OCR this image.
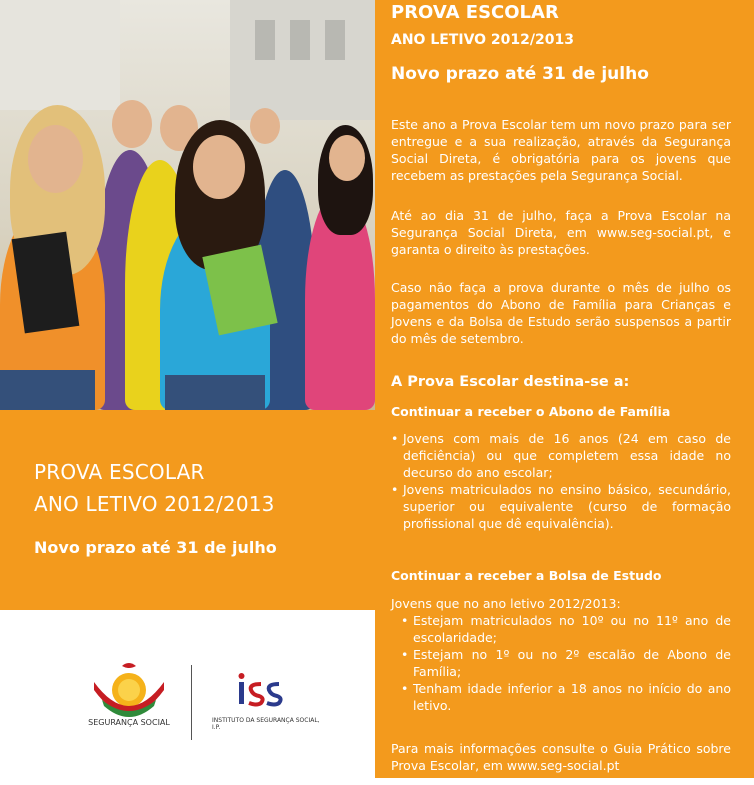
PROVA ESCOLAR
ANO LETIVO 2012/2013
Novo prazo até 31 de julho
SEGURANÇA SOCIAL	INSTITUTO DA SEGURANÇA SOCIAL, I.P.
PROVA ESCOLAR
ANO LETIVO 2012/2013
Novo prazo até 31 de julho
Este ano a Prova Escolar tem um novo prazo para ser entregue e a sua realização, através da Segurança Social Direta, é obrigatória para os jovens que recebem as prestações pela Segurança Social.
Até ao dia 31 de julho, faça a Prova Escolar na Segurança Social Direta, em www.seg-social.pt, e garanta o direito às prestações.
Caso não faça a prova durante o mês de julho os pagamentos do Abono de Família para Crianças e Jovens e da Bolsa de Estudo serão suspensos a partir do mês de setembro.
A Prova Escolar destina-se a:
Continuar a receber o Abono de Família
• Jovens com mais de 16 anos (24 em caso de deficiência) ou que completem essa idade no decurso do ano escolar;
• Jovens matriculados no ensino básico, secundário, superior ou equivalente (curso de formação profissional que dê equivalência).
Continuar a receber a Bolsa de Estudo
Jovens que no ano letivo 2012/2013:
• Estejam matriculados no 10º ou no 11º ano de escolaridade;
• Estejam no 1º ou no 2º escalão de Abono de Família;
• Tenham idade inferior a 18 anos no início do ano letivo.
Para mais informações consulte o Guia Prático sobre Prova Escolar, em www.seg-social.pt
